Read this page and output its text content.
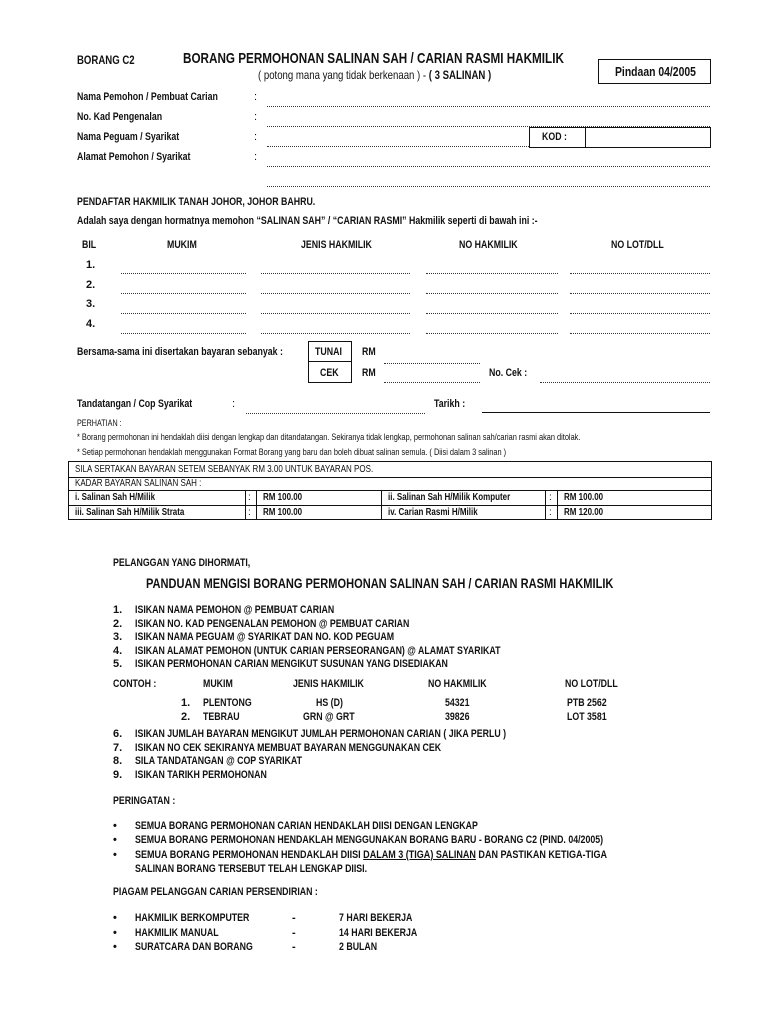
BORANG C2	BORANG PERMOHONAN SALINAN SAH / CARIAN RASMI HAKMILIK
( potong mana yang tidak berkenaan ) - ( 3 SALINAN )	Pindaan 04/2005
Nama Pemohon / Pembuat Carian	:
No. Kad Pengenalan	:
Nama Peguam / Syarikat	:	KOD :
Alamat Pemohon / Syarikat	:
PENDAFTAR HAKMILIK TANAH JOHOR, JOHOR BAHRU.
Adalah saya dengan hormatnya memohon “SALINAN SAH” / “CARIAN RASMI” Hakmilik seperti di bawah ini :-
BIL	MUKIM	JENIS HAKMILIK	NO HAKMILIK	NO LOT/DLL
1.
2.
3.
4.
Bersama-sama ini disertakan bayaran sebanyak :	TUNAI
CEK
RM
RM	No. Cek :
Tandatangan / Cop Syarikat	:	Tarikh :
PERHATIAN :
* Borang permohonan ini hendaklah diisi dengan lengkap dan ditandatangan. Sekiranya tidak lengkap, permohonan salinan sah/carian rasmi akan ditolak.
* Setiap permohonan hendaklah menggunakan Format Borang yang baru dan boleh dibuat salinan semula. ( Diisi dalam 3 salinan )
SILA SERTAKAN BAYARAN SETEM SEBANYAK RM 3.00 UNTUK BAYARAN POS.
KADAR BAYARAN SALINAN SAH :
i. Salinan Sah H/Milik	: RM 100.00	ii. Salinan Sah H/Milik Komputer	: RM 100.00
iii. Salinan Sah H/Milik Strata	: RM 100.00	iv. Carian Rasmi H/Milik	: RM 120.00
PELANGGAN YANG DIHORMATI,
PANDUAN MENGISI BORANG PERMOHONAN SALINAN SAH / CARIAN RASMI HAKMILIK
1. ISIKAN NAMA PEMOHON @ PEMBUAT CARIAN
2. ISIKAN NO. KAD PENGENALAN PEMOHON @ PEMBUAT CARIAN
3. ISIKAN NAMA PEGUAM @ SYARIKAT DAN NO. KOD PEGUAM
4. ISIKAN ALAMAT PEMOHON (UNTUK CARIAN PERSEORANGAN) @ ALAMAT SYARIKAT
5. ISIKAN PERMOHONAN CARIAN MENGIKUT SUSUNAN YANG DISEDIAKAN
CONTOH :	MUKIM	JENIS HAKMILIK	NO HAKMILIK	NO LOT/DLL
1. PLENTONG	HS (D)	54321	PTB 2562
2. TEBRAU	GRN @ GRT	39826	LOT 3581
6. ISIKAN JUMLAH BAYARAN MENGIKUT JUMLAH PERMOHONAN CARIAN ( JIKA PERLU )
7. ISIKAN NO CEK SEKIRANYA MEMBUAT BAYARAN MENGGUNAKAN CEK
8. SILA TANDATANGAN @ COP SYARIKAT
9. ISIKAN TARIKH PERMOHONAN
PERINGATAN :
• SEMUA BORANG PERMOHONAN CARIAN HENDAKLAH DIISI DENGAN LENGKAP
• SEMUA BORANG PERMOHONAN HENDAKLAH MENGGUNAKAN BORANG BARU - BORANG C2 (PIND. 04/2005)
• SEMUA BORANG PERMOHONAN HENDAKLAH DIISI DALAM 3 (TIGA) SALINAN DAN PASTIKAN KETIGA-TIGA
SALINAN BORANG TERSEBUT TELAH LENGKAP DIISI.
PIAGAM PELANGGAN CARIAN PERSENDIRIAN :
• HAKMILIK BERKOMPUTER	-	7 HARI BEKERJA
• HAKMILIK MANUAL	-	14 HARI BEKERJA
• SURATCARA DAN BORANG	-	2 BULAN
